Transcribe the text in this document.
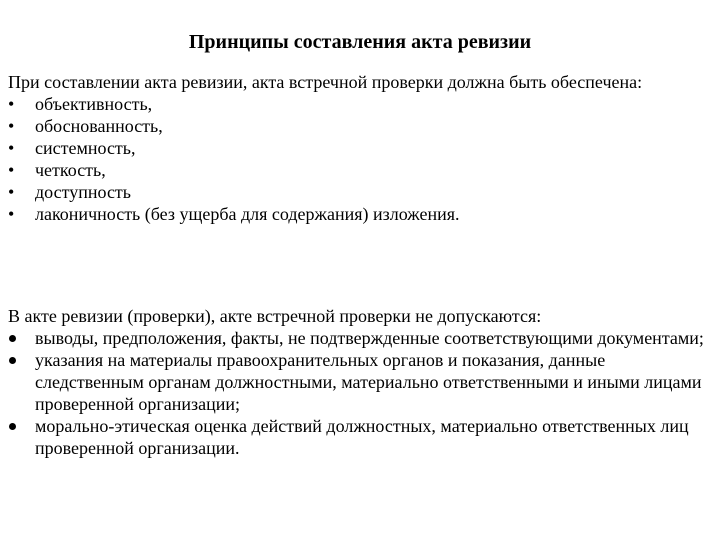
Принципы составления акта ревизии

При составлении акта ревизии, акта встречной проверки должна быть обеспечена:

•	объективность,
•	обоснованность,
•	системность,
•	четкость,
•	доступность
•	лаконичность (без ущерба для содержания) изложения.

В акте ревизии (проверки), акте встречной проверки не допускаются:

выводы, предположения, факты, не подтвержденные соответствующими документами;
указания на материалы правоохранительных органов и показания, данные следственным органам должностными, материально ответственными и иными лицами проверенной организации;
морально-этическая оценка действий должностных, материально ответственных лиц проверенной организации.
